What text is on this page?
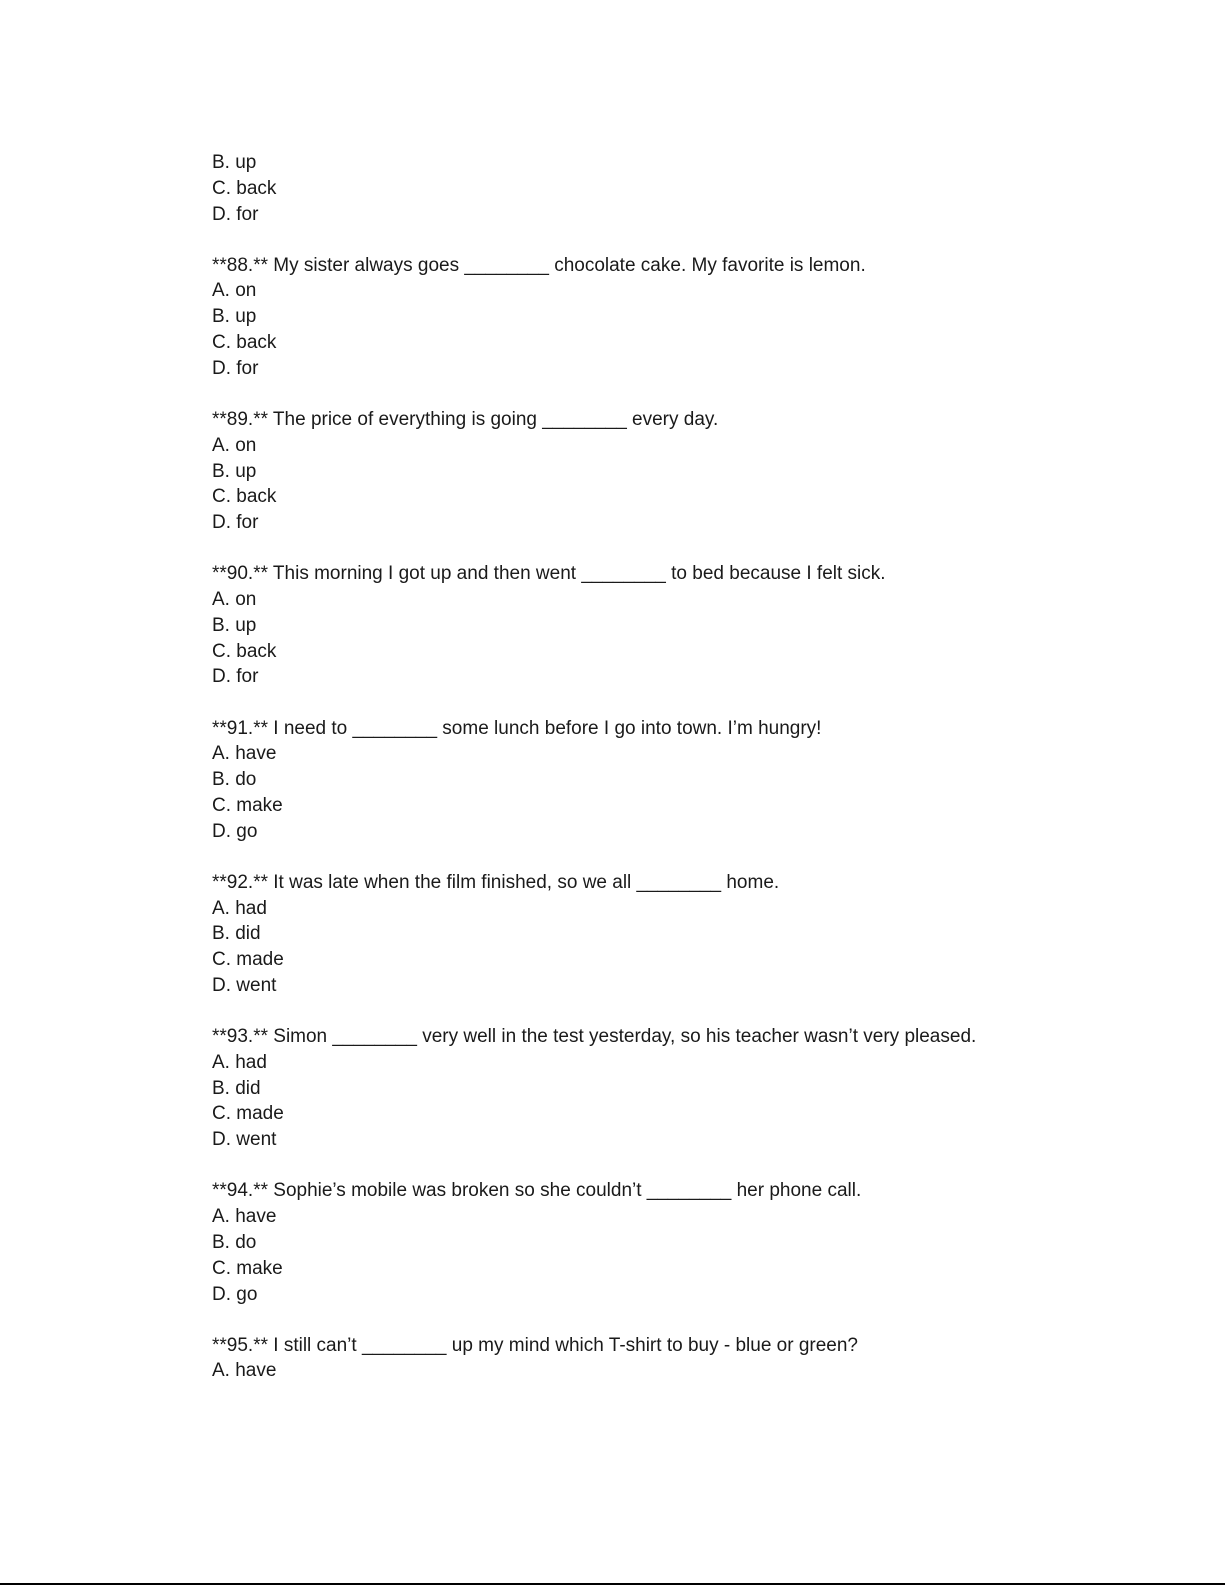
B. up
C. back
D. for
**88.** My sister always goes ________ chocolate cake. My favorite is lemon.
A. on
B. up
C. back
D. for
**89.** The price of everything is going ________ every day.
A. on
B. up
C. back
D. for
**90.** This morning I got up and then went ________ to bed because I felt sick.
A. on
B. up
C. back
D. for
**91.** I need to ________ some lunch before I go into town. I’m hungry!
A. have
B. do
C. make
D. go
**92.** It was late when the film finished, so we all ________ home.
A. had
B. did
C. made
D. went
**93.** Simon ________ very well in the test yesterday, so his teacher wasn’t very pleased.
A. had
B. did
C. made
D. went
**94.** Sophie’s mobile was broken so she couldn’t ________ her phone call.
A. have
B. do
C. make
D. go
**95.** I still can’t ________ up my mind which T-shirt to buy - blue or green?
A. have
